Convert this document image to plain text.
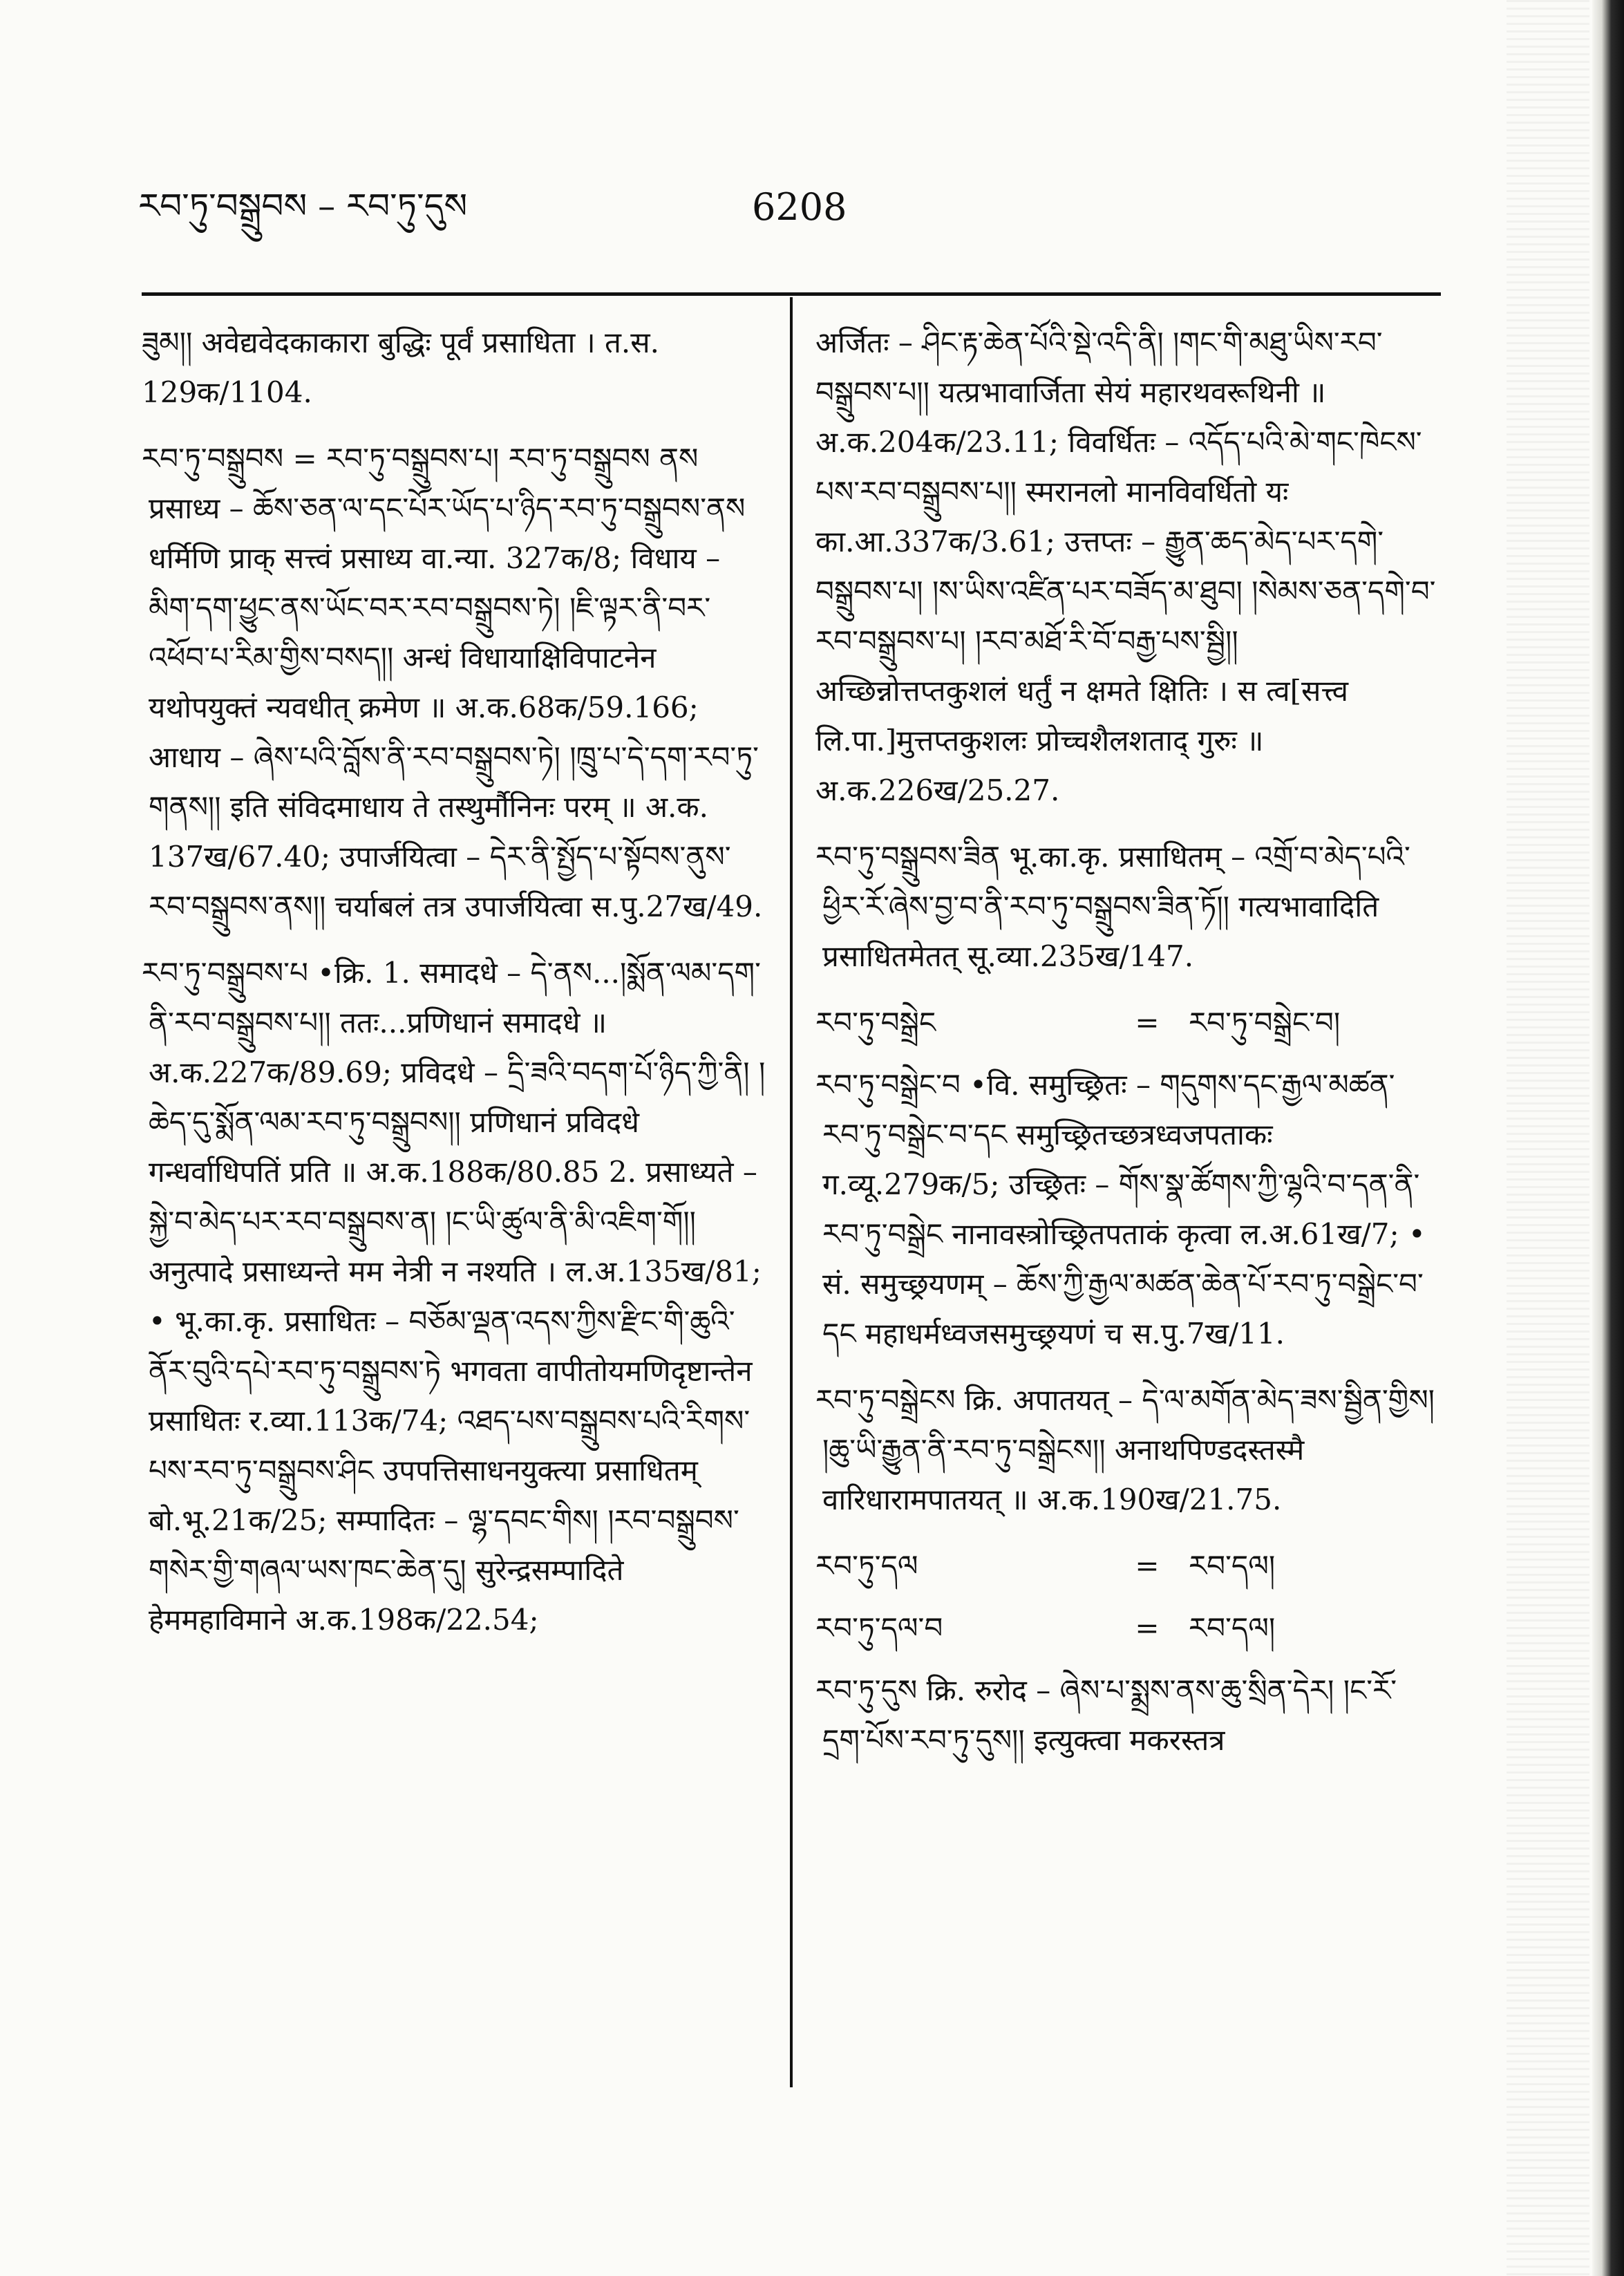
རབ་ཏུ་བསྒྲུབས – རབ་ཏུ་དུས	6208

ཟུམ།། अवेद्यवेदकाकारा बुद्धिः पूर्वं प्रसाधिता । त.स. 129क/1104.

རབ་ཏུ་བསྒྲུབས = རབ་ཏུ་བསྒྲུབས་པ། རབ་ཏུ་བསྒྲུབས ནས प्रसाध्य – ཆོས་ཅན་ལ་དང་པོར་ཡོད་པ་ཉིད་རབ་ཏུ་བསྒྲུབས་ནས धर्मिणि प्राक् सत्त्वं प्रसाध्य वा.न्या. 327क/8; विधाय – མིག་དག་ཕྱུང་ནས་ཡོང་བར་རབ་བསྒྲུབས་ཏེ། །ཇི་ལྟར་ནི་བར་འཕོབ་པ་རིམ་གྱིས་བསད།། अन्धं विधायाक्षिविपाटनेन यथोपयुक्तं न्यवधीत् क्रमेण ॥ अ.क.68क/59.166; आधाय – ཞེས་པའི་བློས་ནི་རབ་བསྒྲུབས་ཏེ། །ཁྲུ་པ་དེ་དག་རབ་ཏུ་གནས།། इति संविदमाधाय ते तस्थुर्मौनिनः परम् ॥ अ.क. 137ख/67.40; उपार्जयित्वा – དེར་ནི་སྤྱོད་པ་སྟོབས་ནུས་རབ་བསྒྲུབས་ནས།། चर्याबलं तत्र उपार्जयित्वा स.पु.27ख/49.

རབ་ཏུ་བསྒྲུབས་པ •क्रि. 1. समादधे – དེ་ནས...།སྨོན་ལམ་དག་ནི་རབ་བསྒྲུབས་པ།། ततः...प्रणिधानं समादधे ॥ अ.क.227क/89.69; प्रविदधे – དྲི་ཟའི་བདག་པོ་ཉིད་ཀྱི་ནི། །ཆེད་དུ་སྨོན་ལམ་རབ་ཏུ་བསྒྲུབས།། प्रणिधानं प्रविदधे गन्धर्वाधिपतिं प्रति ॥ अ.क.188क/80.85 2. प्रसाध्यते – སྐྱེ་བ་མེད་པར་རབ་བསྒྲུབས་ན། །ང་ཡི་ཚུལ་ནི་མི་འཇིག་གོ།། अनुत्पादे प्रसाध्यन्ते मम नेत्री न नश्यति । ल.अ.135ख/81; • भू.का.कृ. प्रसाधितः – བཅོམ་ལྡན་འདས་ཀྱིས་རྫིང་གི་ཆུའི་ནོར་བུའི་དཔེ་རབ་ཏུ་བསྒྲུབས་ཏེ भगवता वापीतोयमणिदृष्टान्तेन प्रसाधितः र.व्या.113क/74; འཐད་པས་བསྒྲུབས་པའི་རིགས་པས་རབ་ཏུ་བསྒྲུབས་ཤིང उपपत्तिसाधनयुक्त्या प्रसाधितम् बो.भू.21क/25; सम्पादितः – ལྷ་དབང་གིས། །རབ་བསྒྲུབས་གསེར་གྱི་གཞལ་ཡས་ཁང་ཆེན་དུ། सुरेन्द्रसम्पादिते हेममहाविमाने अ.क.198क/22.54;

अर्जितः – ཤིང་རྟ་ཆེན་པོའི་སྡེ་འདི་ནི། །གང་གི་མཐུ་ཡིས་རབ་བསྒྲུབས་པ།། यत्प्रभावार्जिता सेयं महारथवरूथिनी ॥ अ.क.204क/23.11; विवर्धितः – འདོད་པའི་མེ་གང་ཁེངས་པས་རབ་བསྒྲུབས་པ།། स्मरानलो मानविवर्धितो यः का.आ.337क/3.61; उत्तप्तः – རྒྱུན་ཆད་མེད་པར་དགེ་བསྒྲུབས་པ། །ས་ཡིས་འཛིན་པར་བཟོད་མ་ཐུབ། །སེམས་ཅན་དགེ་བ་རབ་བསྒྲུབས་པ། །རབ་མཐོ་རི་བོ་བརྒྱ་པས་སྦྱི།། अच्छिन्नोत्तप्तकुशलं धर्तुं न क्षमते क्षितिः । स त्व[सत्त्व लि.पा.]मुत्तप्तकुशलः प्रोच्चशैलशताद् गुरुः ॥ अ.क.226ख/25.27.

རབ་ཏུ་བསྒྲུབས་ཟིན भू.का.कृ. प्रसाधितम् – འགྲོ་བ་མེད་པའི་ཕྱིར་རོ་ཞེས་བྱ་བ་ནི་རབ་ཏུ་བསྒྲུབས་ཟིན་ཏོ།། गत्यभावादिति प्रसाधितमेतत् सू.व्या.235ख/147.

རབ་ཏུ་བསྒྲེང	=	རབ་ཏུ་བསྒྲེང་བ།

རབ་ཏུ་བསྒྲེང་བ •वि. समुच्छ्रितः – གདུགས་དང་རྒྱལ་མཚན་རབ་ཏུ་བསྒྲེང་བ་དང समुच्छ्रितच्छत्रध्वजपताकः ग.व्यू.279क/5; उच्छ्रितः – གོས་སྣ་ཚོགས་ཀྱི་ལྷའི་བ་དན་ནི་རབ་ཏུ་བསྒྲེང नानावस्त्रोच्छ्रितपताकं कृत्वा ल.अ.61ख/7; • सं. समुच्छ्रयणम् – ཆོས་ཀྱི་རྒྱལ་མཚན་ཆེན་པོ་རབ་ཏུ་བསྒྲེང་བ་དང महाधर्मध्वजसमुच्छ्रयणं च स.पु.7ख/11.

རབ་ཏུ་བསྒྲེངས क्रि. अपातयत् – དེ་ལ་མགོན་མེད་ཟས་སྦྱིན་གྱིས། །ཆུ་ཡི་རྒྱུན་ནི་རབ་ཏུ་བསྒྲེངས།། अनाथपिण्डदस्तस्मै वारिधारामपातयत् ॥ अ.क.190ख/21.75.

རབ་ཏུ་དལ	=	རབ་དལ།
རབ་ཏུ་དལ་བ	=	རབ་དལ།

རབ་ཏུ་དུས क्रि. रुरोद – ཞེས་པ་སྨྲས་ནས་ཆུ་སྲིན་དེར། །ང་རོ་དྲག་པོས་རབ་ཏུ་དུས།། इत्युक्त्वा मकरस्तत्र
